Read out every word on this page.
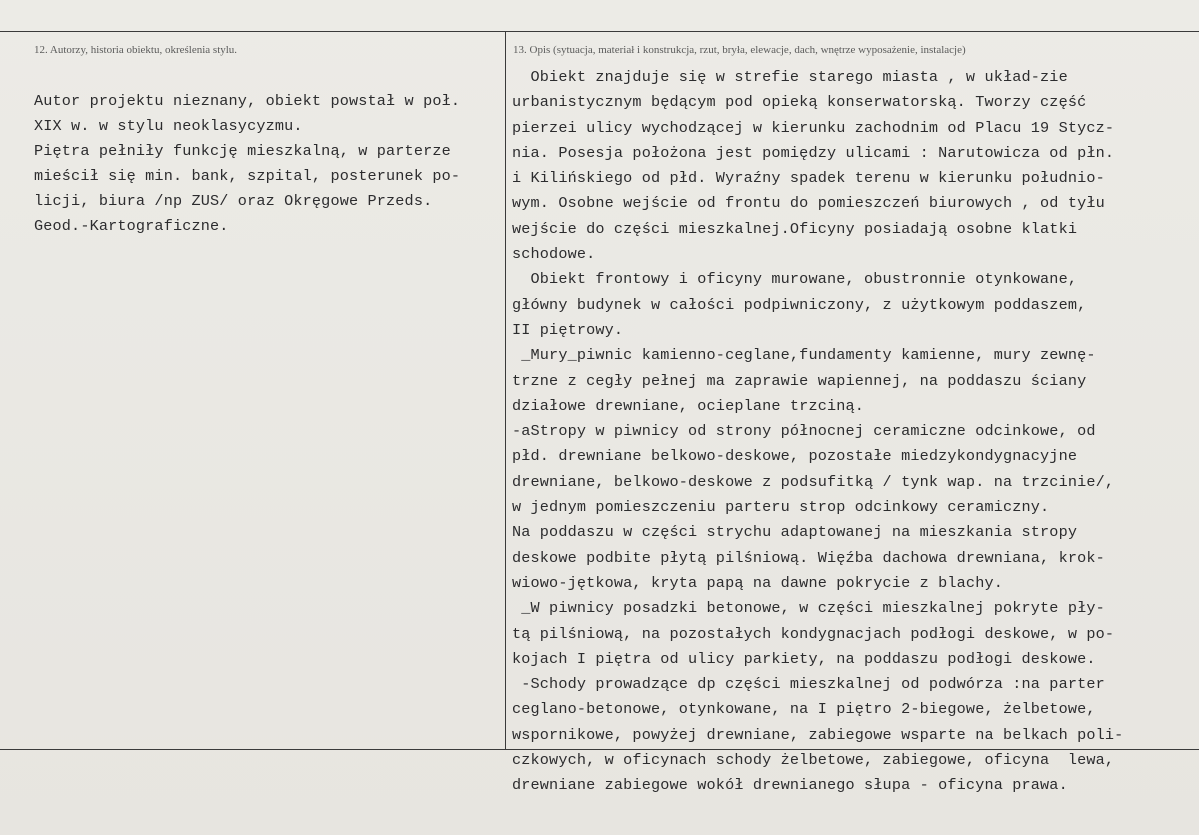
12. Autorzy, historia obiektu, określenia stylu.	13. Opis (sytuacja, materiał i konstrukcja, rzut, bryła, elewacje, dach, wnętrze wyposażenie, instalacje)
Autor projektu nieznany, obiekt powstał w poł.
XIX w. w stylu neoklasycyzmu.
Piętra pełniły funkcję mieszkalną, w parterze
mieścił się min. bank, szpital, posterunek po-
licji, biura /np ZUS/ oraz Okręgowe Przeds.
Geod.-Kartograficzne.
Obiekt znajduje się w strefie starego miasta , w układ-zie
urbanistycznym będącym pod opieką konserwatorską. Tworzy część
pierzei ulicy wychodzącej w kierunku zachodnim od Placu 19 Stycz-
nia. Posesja położona jest pomiędzy ulicami : Narutowicza od płn.
i Kilińskiego od płd. Wyraźny spadek terenu w kierunku południo-
wym. Osobne wejście od frontu do pomieszczeń biurowych , od tyłu
wejście do części mieszkalnej.Oficyny posiadają osobne klatki
schodowe.
Obiekt frontowy i oficyny murowane, obustronnie otynkowane,
główny budynek w całości podpiwniczony, z użytkowym poddaszem,
II piętrowy.
_Mury_piwnic kamienno-ceglane,fundamenty kamienne, mury zewnę-
trzne z cegły pełnej ma zaprawie wapiennej, na poddaszu ściany
działowe drewniane, ocieplane trzciną.
-aStropy w piwnicy od strony północnej ceramiczne odcinkowe, od
płd. drewniane belkowo-deskowe, pozostałe miedzykondygnacyjne
drewniane, belkowo-deskowe z podsufitką / tynk wap. na trzcinie/,
w jednym pomieszczeniu parteru strop odcinkowy ceramiczny.
Na poddaszu w części strychu adaptowanej na mieszkania stropy
deskowe podbite płytą pilśniową. Więźba dachowa drewniana, krok-
wiowo-jętkowa, kryta papą na dawne pokrycie z blachy.
_W piwnicy posadzki betonowe, w części mieszkalnej pokryte pły-
tą pilśniową, na pozostałych kondygnacjach podłogi deskowe, w po-
kojach I piętra od ulicy parkiety, na poddaszu podłogi deskowe.
-Schody prowadzące dp części mieszkalnej od podwórza :na parter
ceglano-betonowe, otynkowane, na I piętro 2-biegowe, żelbetowe,
wspornikowe, powyżej drewniane, zabiegowe wsparte na belkach poli-
czkowych, w oficynach schody żelbetowe, zabiegowe, oficyna  lewa,
drewniane zabiegowe wokół drewnianego słupa - oficyna prawa.
